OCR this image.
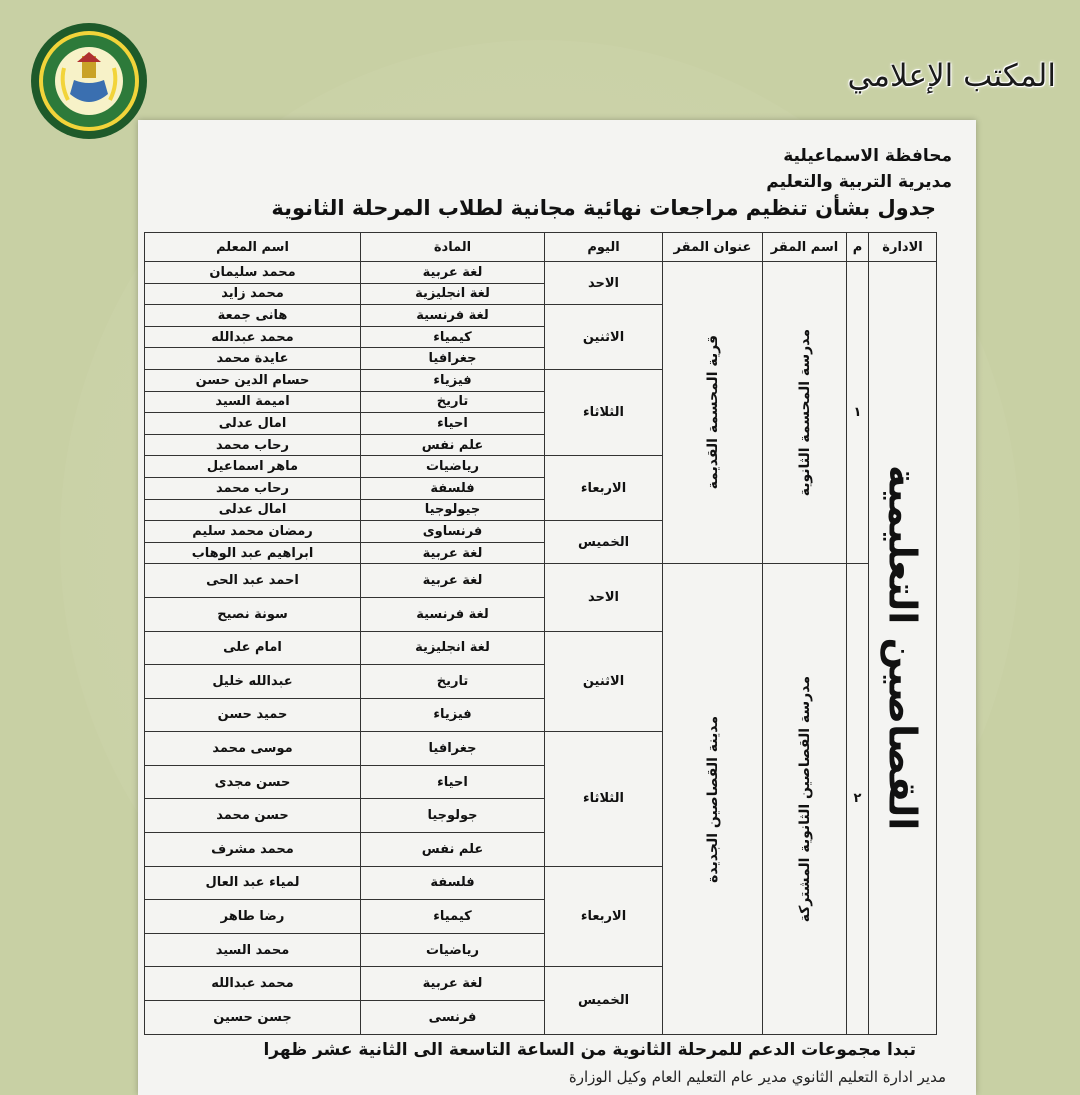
المكتب الإعلامي
محافظة الاسماعيلية
مديرية التربية والتعليم
جدول بشأن تنظيم مراجعات نهائية مجانية لطلاب المرحلة الثانوية
الادارة	م	اسم المقر	عنوان المقر	اليوم	المادة	اسم المعلم

القصاصين التعليمية	١	مدرسة المحسمة الثانوية	قرية المحسمة القديمة	الاحد	لغة عربية	محمد سليمان
					لغة انجليزية	محمد زايد
				الاثنين	لغة فرنسية	هانى جمعة
					كيمياء	محمد عبدالله
					جغرافيا	عايدة محمد
				الثلاثاء	فيزياء	حسام الدين حسن
					تاريخ	اميمة السيد
					احياء	امال عدلى
					علم نفس	رحاب محمد
				الاربعاء	رياضيات	ماهر اسماعيل
					فلسفة	رحاب محمد
					جيولوجيا	امال عدلى
				الخميس	فرنساوى	رمضان محمد سليم
					لغة عربية	ابراهيم عبد الوهاب
	٢	مدرسة القصاصين الثانوية المشتركة	مدينة القصاصين الجديدة	الاحد	لغة عربية	احمد عبد الحى
					لغة فرنسية	سونة نصيح
				الاثنين	لغة انجليزية	امام على
					تاريخ	عبدالله خليل
					فيزياء	حميد حسن
				الثلاثاء	جغرافيا	موسى محمد
					احياء	حسن مجدى
					جولوجيا	حسن محمد
					علم نفس	محمد مشرف
				الاربعاء	فلسفة	لمياء عبد العال
					كيمياء	رضا طاهر
					رياضيات	محمد السيد
				الخميس	لغة عربية	محمد عبدالله
					فرنسى	جسن حسين
تبدا مجموعات الدعم للمرحلة الثانوية من الساعة التاسعة الى الثانية عشر ظهرا
مدير ادارة التعليم الثانوي مدير عام التعليم العام وكيل الوزارة
